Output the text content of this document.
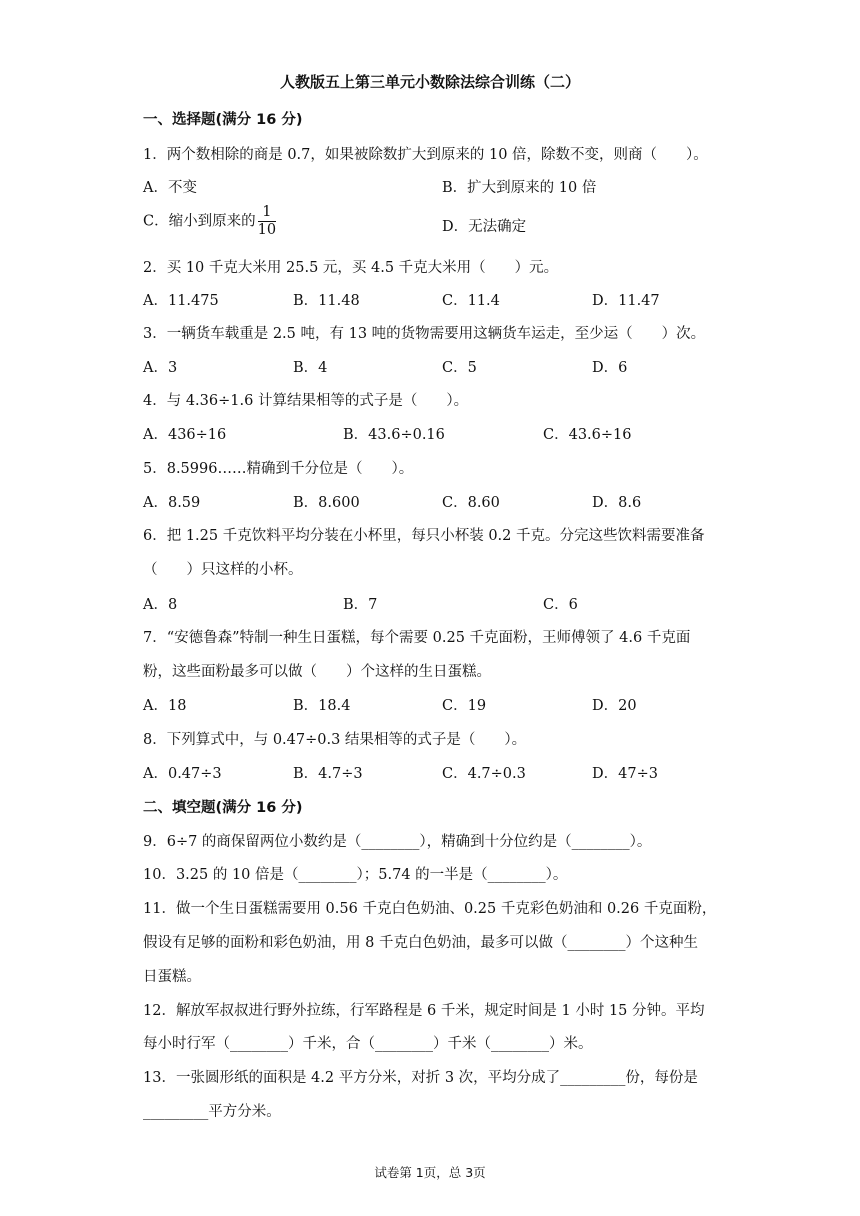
人教版五上第三单元小数除法综合训练（二）
一、选择题(满分 16 分)
1．两个数相除的商是 0.7，如果被除数扩大到原来的 10 倍，除数不变，则商（　　）。
A．不变	B．扩大到原来的 10 倍
C．缩小到原来的 $\frac{1}{10}$	D．无法确定
2．买 10 千克大米用 25.5 元，买 4.5 千克大米用（　　）元。
A．11.475	B．11.48	C．11.4	D．11.47
3．一辆货车载重是 2.5 吨，有 13 吨的货物需要用这辆货车运走，至少运（　　）次。
A．3	B．4	C．5	D．6
4．与 4.36÷1.6 计算结果相等的式子是（　　）。
A．436÷16	B．43.6÷0.16	C．43.6÷16
5．8.5996……精确到千分位是（　　）。
A．8.59	B．8.600	C．8.60	D．8.6
6．把 1.25 千克饮料平均分装在小杯里，每只小杯装 0.2 千克。分完这些饮料需要准备
（　　）只这样的小杯。
A．8	B．7	C．6
7．“安德鲁森”特制一种生日蛋糕，每个需要 0.25 千克面粉，王师傅领了 4.6 千克面
粉，这些面粉最多可以做（　　）个这样的生日蛋糕。
A．18	B．18.4	C．19	D．20
8．下列算式中，与 0.47÷0.3 结果相等的式子是（　　）。
A．0.47÷3	B．4.7÷3	C．4.7÷0.3	D．47÷3
二、填空题(满分 16 分)
9．6÷7 的商保留两位小数约是（________），精确到十分位约是（________）。
10．3.25 的 10 倍是（________）；5.74 的一半是（________）。
11．做一个生日蛋糕需要用 0.56 千克白色奶油、0.25 千克彩色奶油和 0.26 千克面粉，
假设有足够的面粉和彩色奶油，用 8 千克白色奶油，最多可以做（________）个这种生
日蛋糕。
12．解放军叔叔进行野外拉练，行军路程是 6 千米，规定时间是 1 小时 15 分钟。平均
每小时行军（________）千米，合（________）千米（________）米。
13．一张圆形纸的面积是 4.2 平方分米，对折 3 次，平均分成了_________份，每份是
_________平方分米。
试卷第 1页，总 3页
